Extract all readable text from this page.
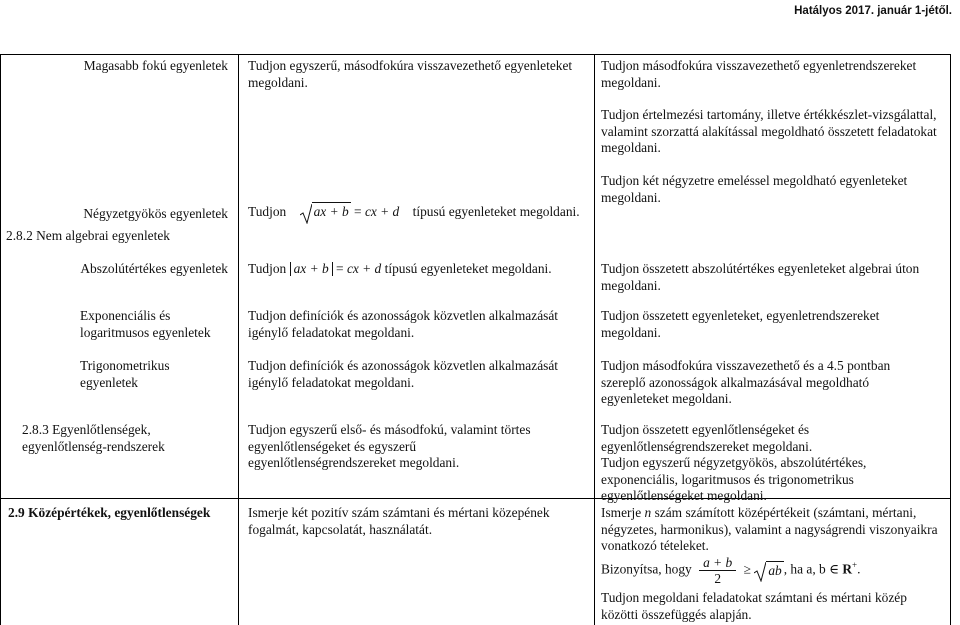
Hatályos 2017. január 1-jétől.
Magasabb fokú egyenletek Tudjon egyszerű, másodfokúra visszavezethető egyenleteket megoldani.
Tudjon másodfokúra visszavezethető egyenletrendszereket megoldani.
Tudjon értelmezési tartomány, illetve értékkészlet-vizsgálattal, valamint szorzattá alakítással megoldható összetett feladatokat megoldani.
Tudjon két négyzetre emeléssel megoldható egyenleteket megoldani.
Négyzetgyökös egyenletek
2.8.2 Nem algebrai egyenletek
Tudjon ax + b = cx + d típusú egyenleteket megoldani.
Abszolútértékes egyenletek Tudjon ax + b = cx + d típusú egyenleteket megoldani.	Tudjon összetett abszolútértékes egyenleteket algebrai úton megoldani.
Exponenciális és logaritmusos egyenletek
Tudjon definíciók és azonosságok közvetlen alkalmazását igénylő feladatokat megoldani.
Tudjon összetett egyenleteket, egyenletrendszereket megoldani.
Trigonometrikus egyenletek
Tudjon definíciók és azonosságok közvetlen alkalmazását igénylő feladatokat megoldani.
Tudjon másodfokúra visszavezethető és a 4.5 pontban szereplő azonosságok alkalmazásával megoldható egyenleteket megoldani.
2.8.3 Egyenlőtlenségek, egyenlőtlenség-rendszerek
Tudjon egyszerű első- és másodfokú, valamint törtes egyenlőtlenségeket és egyszerű egyenlőtlenségrendszereket megoldani.
Tudjon összetett egyenlőtlenségeket és egyenlőtlenségrendszereket megoldani.
Tudjon egyszerű négyzetgyökös, abszolútértékes, exponenciális, logaritmusos és trigonometrikus egyenlőtlenségeket megoldani.
2.9 Középértékek, egyenlőtlenségek	Ismerje két pozitív szám számtani és mértani közepének fogalmát, kapcsolatát, használatát.
Ismerje n szám számított középértékeit (számtani, mértani, négyzetes, harmonikus), valamint a nagyságrendi viszonyaikra vonatkozó tételeket.
Bizonyítsa, hogy $\frac{a + b}{2}$ ≥ ab , ha a, b ∈ R+.
Tudjon megoldani feladatokat számtani és mértani közép közötti összefüggés alapján.
